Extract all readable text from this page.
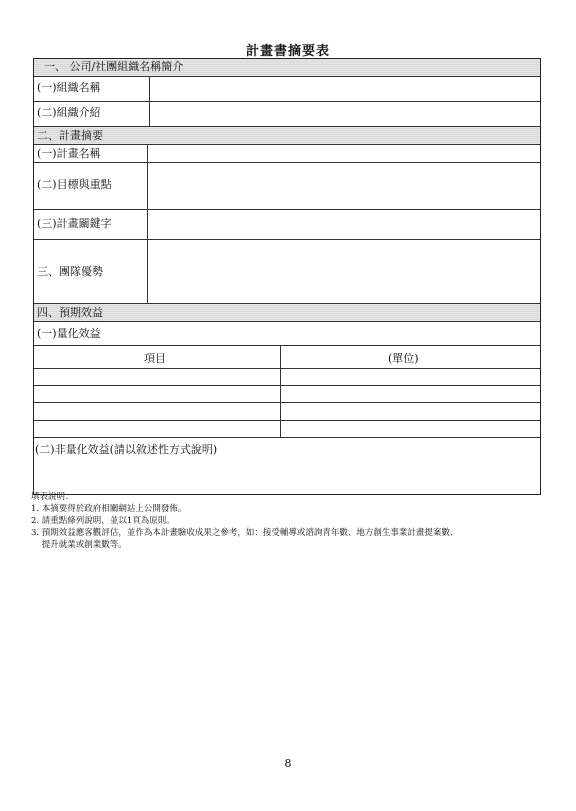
計畫書摘要表
一、 公司/社團組織名稱簡介
(一)組織名稱
(二)組織介紹
二、計畫摘要
(一)計畫名稱
(二)目標與重點
(三)計畫關鍵字
三、團隊優勢
四、預期效益
(一)量化效益
項目	(單位)
(二)非量化效益(請以敘述性方式說明)
填表說明：
1. 本摘要得於政府相關網站上公開發佈。
2. 請重點條列說明，並以1頁為原則。
3. 預期效益應客觀評估，並作為本計畫驗收成果之參考，如：接受輔導或諮詢青年數、地方創生事業計畫提案數、
提升就業或創業數等。
8
